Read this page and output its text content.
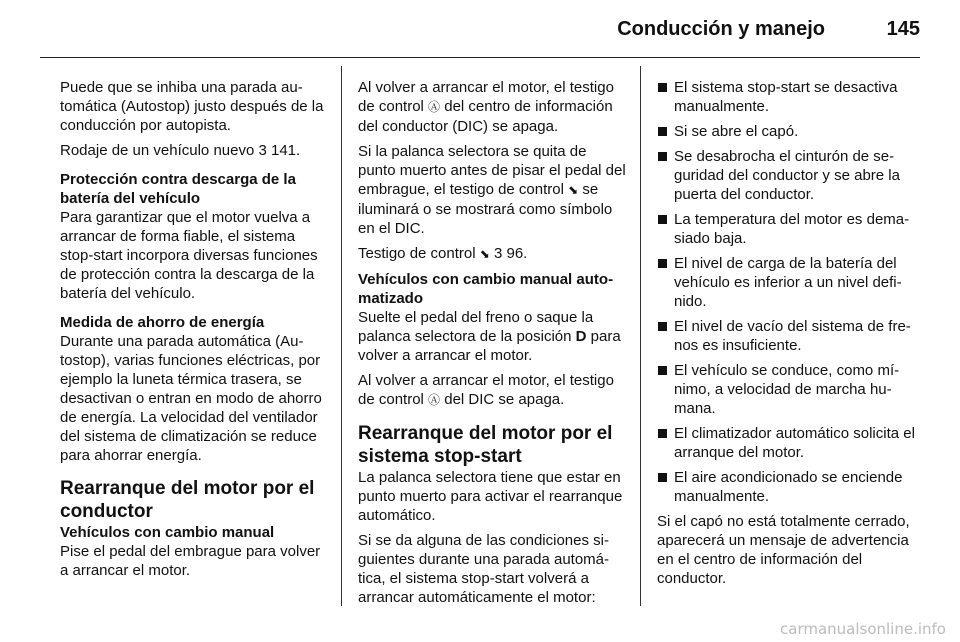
Conducción y manejo	145

Puede que se inhiba una parada automática (Autostop) justo después de la conducción por autopista.

Rodaje de un vehículo nuevo 3 141.

Protección contra descarga de la batería del vehículo

Para garantizar que el motor vuelva a arrancar de forma fiable, el sistema stop-start incorpora diversas funciones de protección contra la descarga de la batería del vehículo.

Medida de ahorro de energía

Durante una parada automática (Autostop), varias funciones eléctricas, por ejemplo la luneta térmica trasera, se desactivan o entran en modo de ahorro de energía. La velocidad del ventilador del sistema de climatización se reduce para ahorrar energía.

Rearranque del motor por el conductor
Vehículos con cambio manual

Pise el pedal del embrague para volver a arrancar el motor.

Al volver a arrancar el motor, el testigo de control Ⓐ del centro de información del conductor (DIC) se apaga.

Si la palanca selectora se quita de punto muerto antes de pisar el pedal del embrague, el testigo de control ⬊ se iluminará o se mostrará como símbolo en el DIC.

Testigo de control ⬊ 3 96.

Vehículos con cambio manual automatizado

Suelte el pedal del freno o saque la palanca selectora de la posición D para volver a arrancar el motor.

Al volver a arrancar el motor, el testigo de control Ⓐ del DIC se apaga.

Rearranque del motor por el sistema stop-start

La palanca selectora tiene que estar en punto muerto para activar el rearranque automático.

Si se da alguna de las condiciones siguientes durante una parada automática, el sistema stop-start volverá a arrancar automáticamente el motor:

El sistema stop-start se desactiva manualmente.
Si se abre el capó.
Se desabrocha el cinturón de seguridad del conductor y se abre la puerta del conductor.
La temperatura del motor es demasiado baja.
El nivel de carga de la batería del vehículo es inferior a un nivel definido.
El nivel de vacío del sistema de frenos es insuficiente.
El vehículo se conduce, como mínimo, a velocidad de marcha humana.
El climatizador automático solicita el arranque del motor.
El aire acondicionado se enciende manualmente.

Si el capó no está totalmente cerrado, aparecerá un mensaje de advertencia en el centro de información del conductor.

carmanualsonline.info
